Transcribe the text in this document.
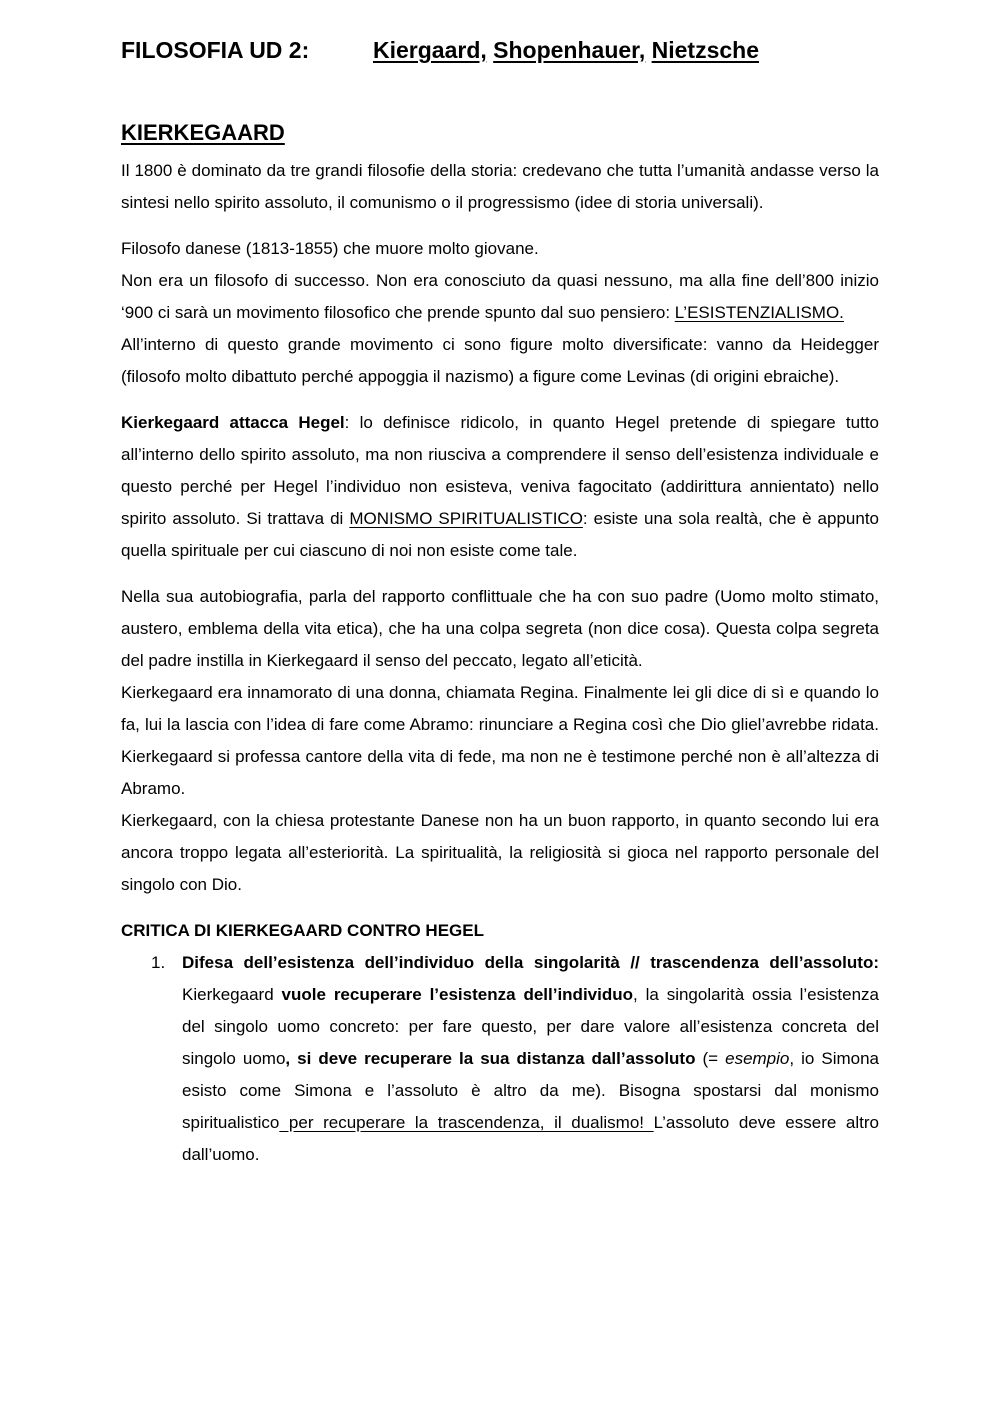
FILOSOFIA UD 2:	Kiergaard, Shopenhauer, Nietzsche
KIERKEGAARD

Il 1800 è dominato da tre grandi filosofie della storia: credevano che tutta l’umanità andasse verso la sintesi nello spirito assoluto, il comunismo o il progressismo (idee di storia universali).

Filosofo danese (1813-1855) che muore molto giovane.

Non era un filosofo di successo. Non era conosciuto da quasi nessuno, ma alla fine dell’800 inizio ‘900 ci sarà un movimento filosofico che prende spunto dal suo pensiero: L’ESISTENZIALISMO.

All’interno di questo grande movimento ci sono figure molto diversificate: vanno da Heidegger (filosofo molto dibattuto perché appoggia il nazismo) a figure come Levinas (di origini ebraiche).

Kierkegaard attacca Hegel: lo definisce ridicolo, in quanto Hegel pretende di spiegare tutto all’interno dello spirito assoluto, ma non riusciva a comprendere il senso dell’esistenza individuale e questo perché per Hegel l’individuo non esisteva, veniva fagocitato (addirittura annientato) nello spirito assoluto. Si trattava di MONISMO SPIRITUALISTICO: esiste una sola realtà, che è appunto quella spirituale per cui ciascuno di noi non esiste come tale.

Nella sua autobiografia, parla del rapporto conflittuale che ha con suo padre (Uomo molto stimato, austero, emblema della vita etica), che ha una colpa segreta (non dice cosa). Questa colpa segreta del padre instilla in Kierkegaard il senso del peccato, legato all’eticità.

Kierkegaard era innamorato di una donna, chiamata Regina. Finalmente lei gli dice di sì e quando lo fa, lui la lascia con l’idea di fare come Abramo: rinunciare a Regina così che Dio gliel’avrebbe ridata. Kierkegaard si professa cantore della vita di fede, ma non ne è testimone perché non è all’altezza di Abramo.

Kierkegaard, con la chiesa protestante Danese non ha un buon rapporto, in quanto secondo lui era ancora troppo legata all’esteriorità. La spiritualità, la religiosità si gioca nel rapporto personale del singolo con Dio.

CRITICA DI KIERKEGAARD CONTRO HEGEL
1. Difesa dell’esistenza dell’individuo della singolarità // trascendenza dell’assoluto: Kierkegaard vuole recuperare l’esistenza dell’individuo, la singolarità ossia l’esistenza del singolo uomo concreto: per fare questo, per dare valore all’esistenza concreta del singolo uomo, si deve recuperare la sua distanza dall’assoluto (= esempio, io Simona esisto come Simona e l’assoluto è altro da me). Bisogna spostarsi dal monismo spiritualistico per recuperare la trascendenza, il dualismo! L’assoluto deve essere altro dall’uomo.
